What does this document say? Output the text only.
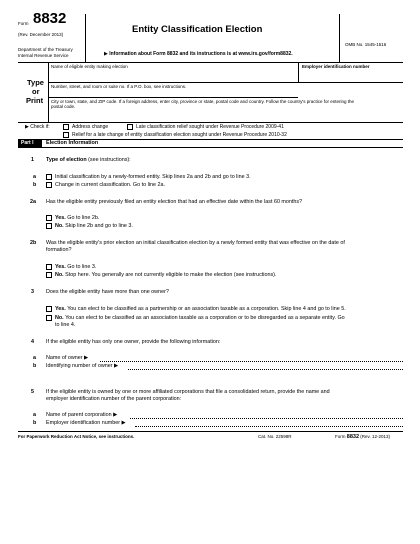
Form 8832
(Rev. December 2013)
Department of the Treasury
Internal Revenue Service
Entity Classification Election
▶ Information about Form 8832 and its instructions is at www.irs.gov/form8832.
OMB No. 1545-1516
Type
or
Print
Name of eligible entity making election	Employer identification number
Number, street, and room or suite no. If a P.O. box, see instructions.
City or town, state, and ZIP code. If a foreign address, enter city, province or state, postal code and country. Follow the country's practice for entering the
postal code.
▶ Check if:	Address change	Late classification relief sought under Revenue Procedure 2009-41
Relief for a late change of entity classification election sought under Revenue Procedure 2010-32
Part I	Election Information
1 Type of election (see instructions):
a	Initial classification by a newly-formed entity. Skip lines 2a and 2b and go to line 3.
b	Change in current classification. Go to line 2a.
2a Has the eligible entity previously filed an entity election that had an effective date within the last 60 months?
Yes. Go to line 2b.
No. Skip line 2b and go to line 3.
2b Was the eligible entity's prior election an initial classification election by a newly formed entity that was effective on the date of
formation?
Yes. Go to line 3.
No. Stop here. You generally are not currently eligible to make the election (see instructions).
3 Does the eligible entity have more than one owner?
Yes. You can elect to be classified as a partnership or an association taxable as a corporation. Skip line 4 and go to line 5.
No. You can elect to be classified as an association taxable as a corporation or to be disregarded as a separate entity. Go
to line 4.
4 If the eligible entity has only one owner, provide the following information:
a Name of owner ▶
b Identifying number of owner ▶
5 If the eligible entity is owned by one or more affiliated corporations that file a consolidated return, provide the name and
employer identification number of the parent corporation:
a Name of parent corporation ▶
b Employer identification number ▶
For Paperwork Reduction Act Notice, see instructions.	Cat. No. 22598R	Form 8832 (Rev. 12-2013)
